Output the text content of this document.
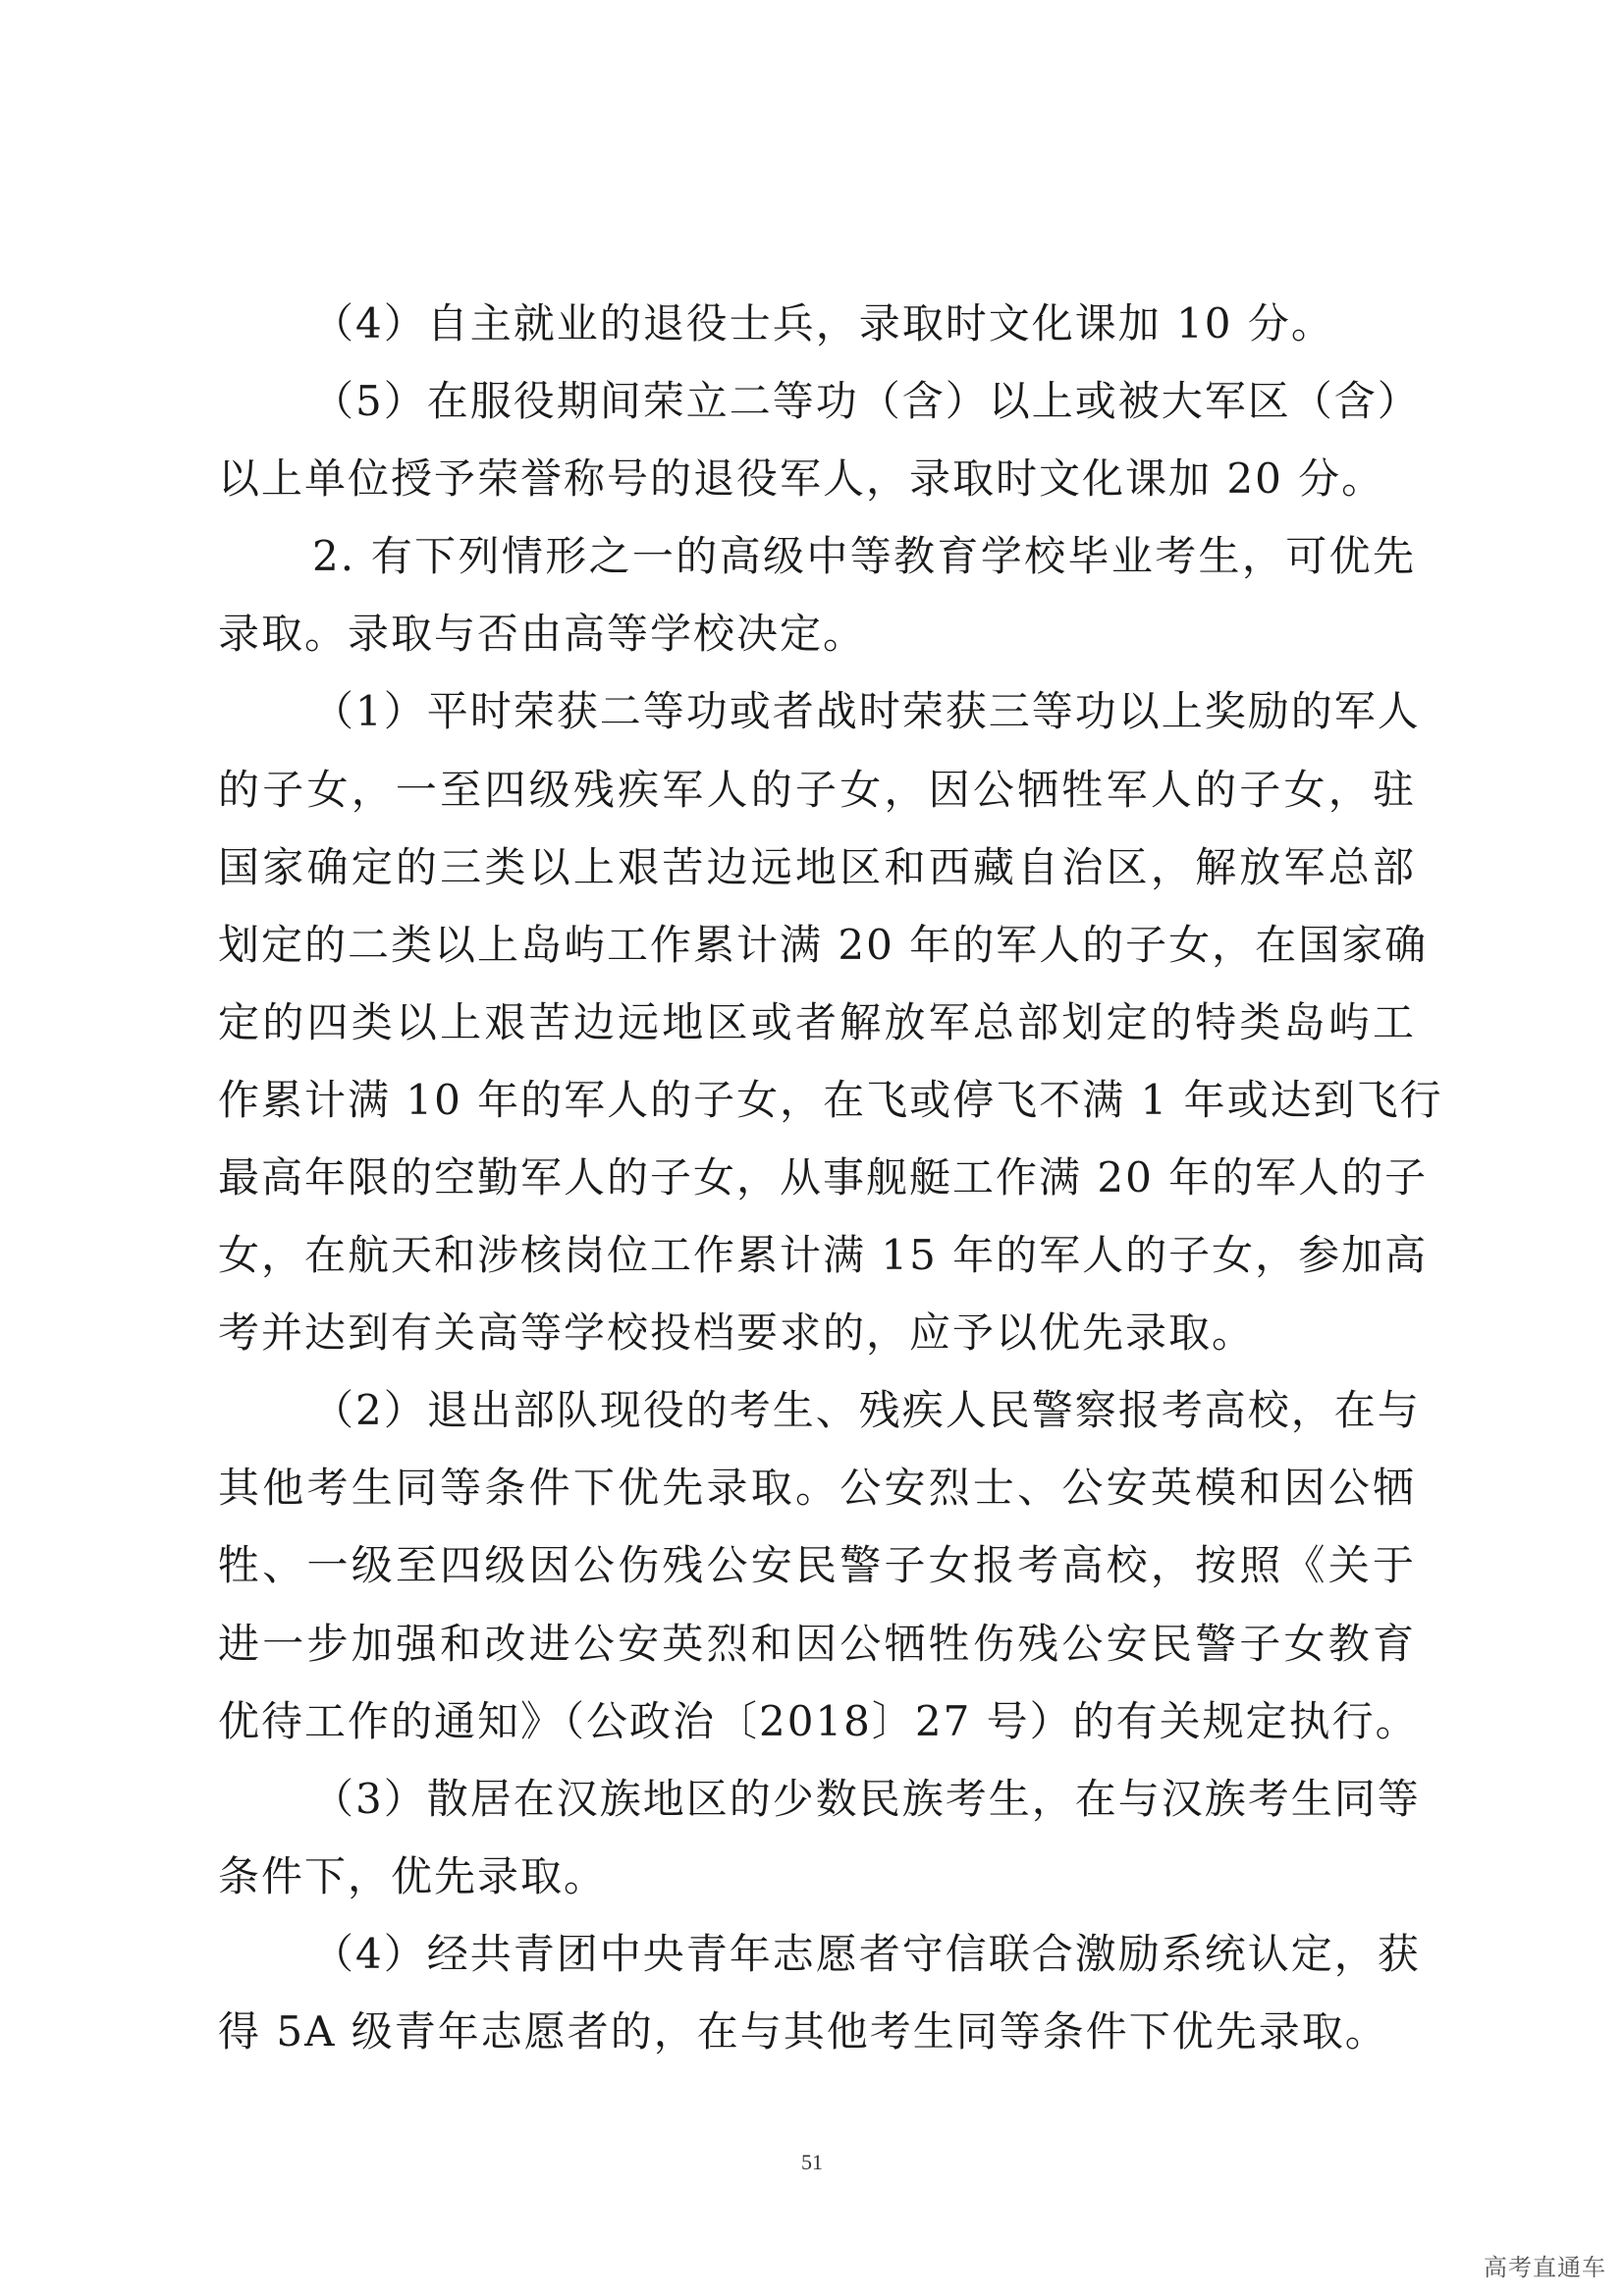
（4）自主就业的退役士兵，录取时文化课加 10 分。
（5）在服役期间荣立二等功（含）以上或被大军区（含）
以上单位授予荣誉称号的退役军人，录取时文化课加 20 分。
2. 有下列情形之一的高级中等教育学校毕业考生，可优先
录取。录取与否由高等学校决定。
（1）平时荣获二等功或者战时荣获三等功以上奖励的军人
的子女，一至四级残疾军人的子女，因公牺牲军人的子女，驻
国家确定的三类以上艰苦边远地区和西藏自治区，解放军总部
划定的二类以上岛屿工作累计满 20 年的军人的子女，在国家确
定的四类以上艰苦边远地区或者解放军总部划定的特类岛屿工
作累计满 10 年的军人的子女，在飞或停飞不满 1 年或达到飞行
最高年限的空勤军人的子女，从事舰艇工作满 20 年的军人的子
女，在航天和涉核岗位工作累计满 15 年的军人的子女，参加高
考并达到有关高等学校投档要求的，应予以优先录取。
（2）退出部队现役的考生、残疾人民警察报考高校，在与
其他考生同等条件下优先录取。公安烈士、公安英模和因公牺
牲、一级至四级因公伤残公安民警子女报考高校，按照《关于
进一步加强和改进公安英烈和因公牺牲伤残公安民警子女教育
优待工作的通知》（公政治〔2018〕27 号）的有关规定执行。
（3）散居在汉族地区的少数民族考生，在与汉族考生同等
条件下，优先录取。
（4）经共青团中央青年志愿者守信联合激励系统认定，获
得 5A 级青年志愿者的，在与其他考生同等条件下优先录取。
51
高考直通车
